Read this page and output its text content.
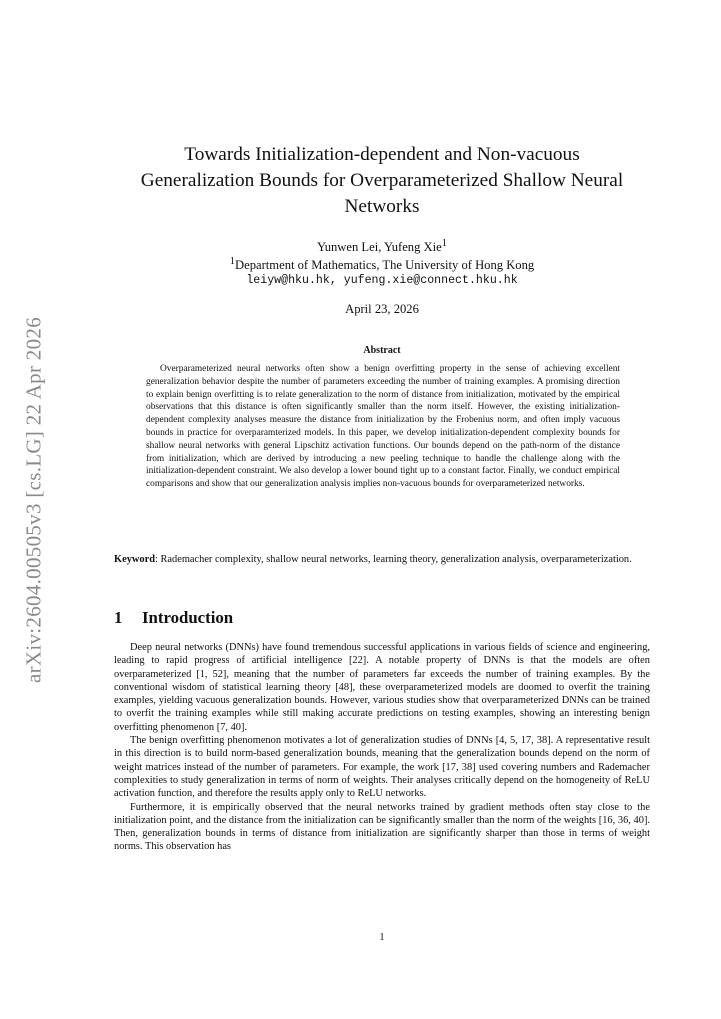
arXiv:2604.00505v3 [cs.LG] 22 Apr 2026
Towards Initialization-dependent and Non-vacuous
Generalization Bounds for Overparameterized Shallow Neural
Networks
Yunwen Lei, Yufeng Xie$^1$
$^1$Department of Mathematics, The University of Hong Kong
leiyw@hku.hk, yufeng.xie@connect.hku.hk
April 23, 2026
Abstract

Overparameterized neural networks often show a benign overfitting property in the sense of achieving excellent generalization behavior despite the number of parameters exceeding the number of training examples. A promising direction to explain benign overfitting is to relate generalization to the norm of distance from initialization, motivated by the empirical observations that this distance is often significantly smaller than the norm itself. However, the existing initialization-dependent complexity analyses measure the distance from initialization by the Frobenius norm, and often imply vacuous bounds in practice for overparamterized models. In this paper, we develop initialization-dependent complexity bounds for shallow neural networks with general Lipschitz activation functions. Our bounds depend on the path-norm of the distance from initialization, which are derived by introducing a new peeling technique to handle the challenge along with the initialization-dependent constraint. We also develop a lower bound tight up to a constant factor. Finally, we conduct empirical comparisons and show that our generalization analysis implies non-vacuous bounds for overparameterized networks.

Keyword: Rademacher complexity, shallow neural networks, learning theory, generalization analysis, overparameterization.

1 Introduction

Deep neural networks (DNNs) have found tremendous successful applications in various fields of science and engineering, leading to rapid progress of artificial intelligence [22]. A notable property of DNNs is that the models are often overparameterized [1, 52], meaning that the number of parameters far exceeds the number of training examples. By the conventional wisdom of statistical learning theory [48], these overparameterized models are doomed to overfit the training examples, yielding vacuous generalization bounds. However, various studies show that overparameterized DNNs can be trained to overfit the training examples while still making accurate predictions on testing examples, showing an interesting benign overfitting phenomenon [7, 40].

The benign overfitting phenomenon motivates a lot of generalization studies of DNNs [4, 5, 17, 38]. A representative result in this direction is to build norm-based generalization bounds, meaning that the generalization bounds depend on the norm of weight matrices instead of the number of parameters. For example, the work [17, 38] used covering numbers and Rademacher complexities to study generalization in terms of norm of weights. Their analyses critically depend on the homogeneity of ReLU activation function, and therefore the results apply only to ReLU networks.

Furthermore, it is empirically observed that the neural networks trained by gradient methods often stay close to the initialization point, and the distance from the initialization can be significantly smaller than the norm of the weights [16, 36, 40]. Then, generalization bounds in terms of distance from initialization are significantly sharper than those in terms of weight norms. This observation has

1
